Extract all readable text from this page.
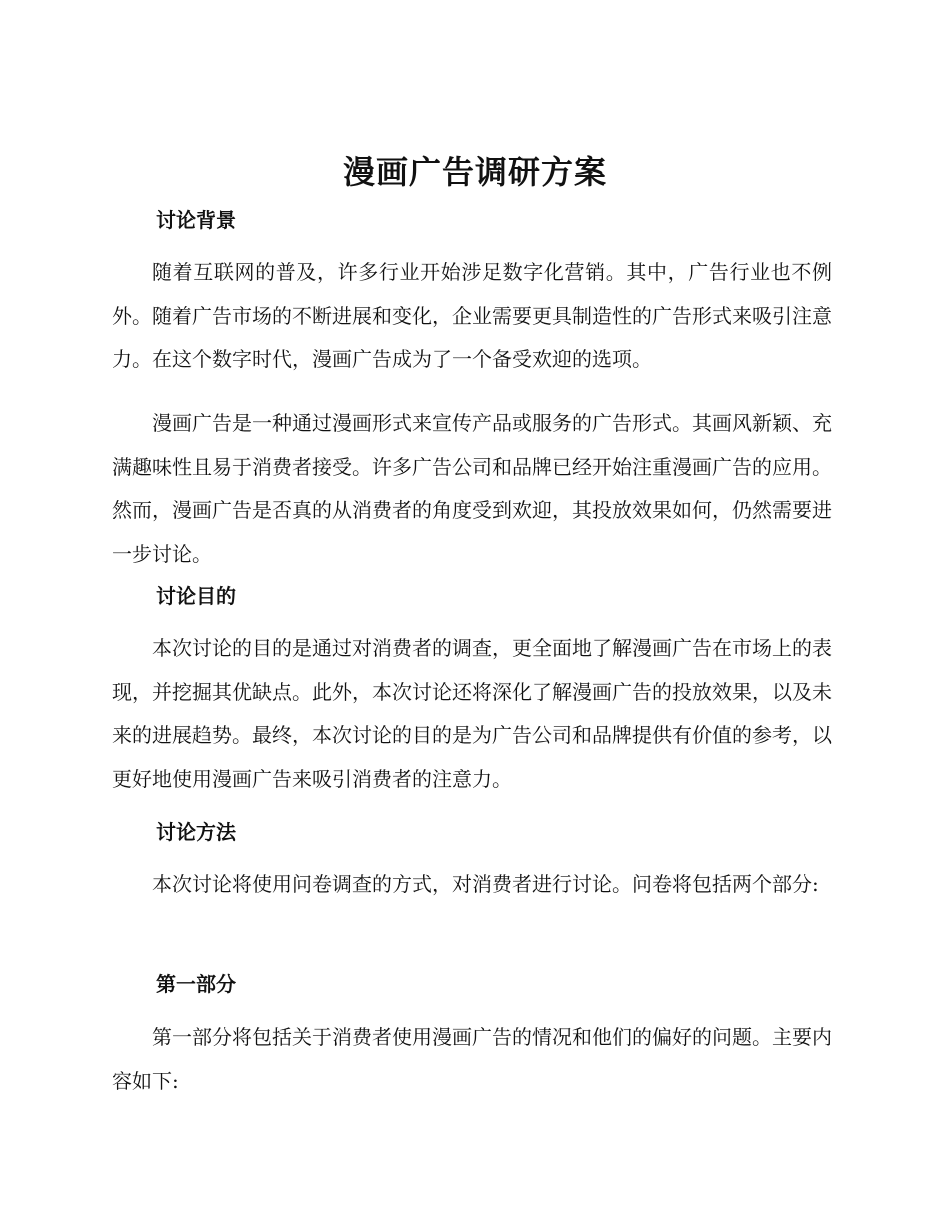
漫画广告调研方案
讨论背景

随着互联网的普及，许多行业开始涉足数字化营销。其中，广告行业也不例外。随着广告市场的不断进展和变化，企业需要更具制造性的广告形式来吸引注意力。在这个数字时代，漫画广告成为了一个备受欢迎的选项。

漫画广告是一种通过漫画形式来宣传产品或服务的广告形式。其画风新颖、充满趣味性且易于消费者接受。许多广告公司和品牌已经开始注重漫画广告的应用。然而，漫画广告是否真的从消费者的角度受到欢迎，其投放效果如何，仍然需要进一步讨论。

讨论目的

本次讨论的目的是通过对消费者的调查，更全面地了解漫画广告在市场上的表现，并挖掘其优缺点。此外，本次讨论还将深化了解漫画广告的投放效果，以及未来的进展趋势。最终，本次讨论的目的是为广告公司和品牌提供有价值的参考，以更好地使用漫画广告来吸引消费者的注意力。

讨论方法

本次讨论将使用问卷调查的方式，对消费者进行讨论。问卷将包括两个部分:

第一部分

第一部分将包括关于消费者使用漫画广告的情况和他们的偏好的问题。主要内容如下:
